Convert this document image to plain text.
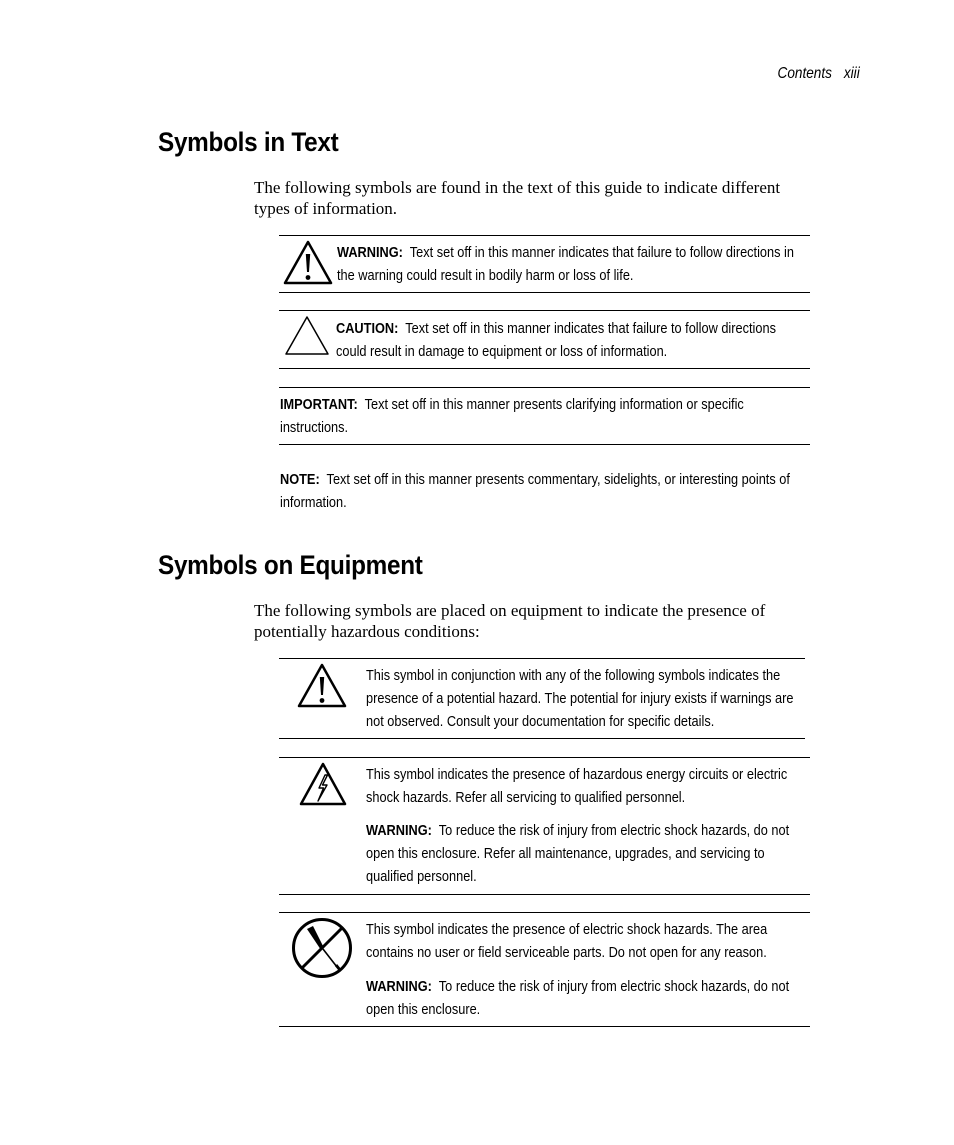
Contents xiii
Symbols in Text

The following symbols are found in the text of this guide to indicate different types of information.

WARNING: Text set off in this manner indicates that failure to follow directions in the warning could result in bodily harm or loss of life.
CAUTION: Text set off in this manner indicates that failure to follow directions could result in damage to equipment or loss of information.
IMPORTANT: Text set off in this manner presents clarifying information or specific instructions.
NOTE: Text set off in this manner presents commentary, sidelights, or interesting points of information.
Symbols on Equipment

The following symbols are placed on equipment to indicate the presence of potentially hazardous conditions:

This symbol in conjunction with any of the following symbols indicates the presence of a potential hazard. The potential for injury exists if warnings are not observed. Consult your documentation for specific details.
This symbol indicates the presence of hazardous energy circuits or electric shock hazards. Refer all servicing to qualified personnel.
WARNING: To reduce the risk of injury from electric shock hazards, do not open this enclosure. Refer all maintenance, upgrades, and servicing to qualified personnel.
This symbol indicates the presence of electric shock hazards. The area contains no user or field serviceable parts. Do not open for any reason.
WARNING: To reduce the risk of injury from electric shock hazards, do not open this enclosure.
